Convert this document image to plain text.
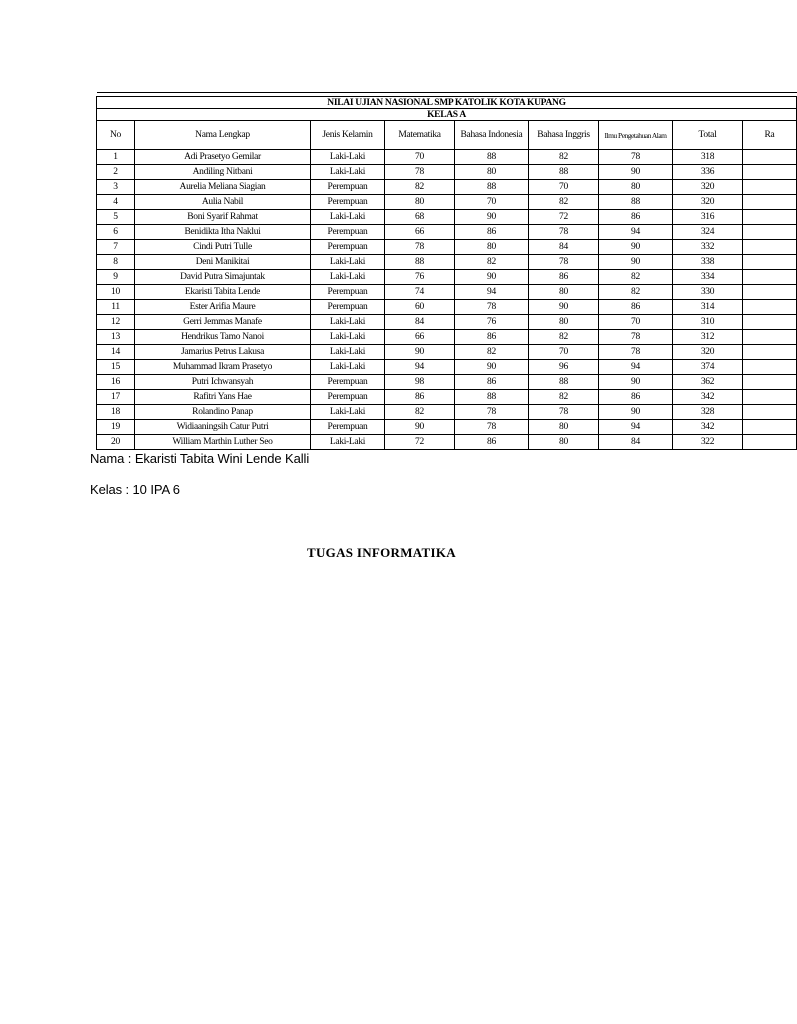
NILAI UJIAN NASIONAL SMP KATOLIK KOTA KUPANG								
KELAS A								
No	Nama Lengkap	Jenis Kelamin	Matematika	Bahasa Indonesia	Bahasa Inggris	Ilmu Pengetahuan Alam	Total	Ra
1	Adi Prasetyo Gemilar	Laki-Laki	70	88	82	78	318	
2	Andiling Nitbani	Laki-Laki	78	80	88	90	336	
3	Aurelia Meliana Siagian	Perempuan	82	88	70	80	320	
4	Aulia Nabil	Perempuan	80	70	82	88	320	
5	Boni Syarif Rahmat	Laki-Laki	68	90	72	86	316	
6	Benidikta Itha Naklui	Perempuan	66	86	78	94	324	
7	Cindi Putri Tulle	Perempuan	78	80	84	90	332	
8	Deni Manikitai	Laki-Laki	88	82	78	90	338	
9	David Putra Simajuntak	Laki-Laki	76	90	86	82	334	
10	Ekaristi Tabita Lende	Perempuan	74	94	80	82	330	
11	Ester Arifia Maure	Perempuan	60	78	90	86	314	
12	Gerri Jemmas Manafe	Laki-Laki	84	76	80	70	310	
13	Hendrikus Tamo Nanoi	Laki-Laki	66	86	82	78	312	
14	Jamarius Petrus Lakusa	Laki-Laki	90	82	70	78	320	
15	Muhammad Ikram Prasetyo	Laki-Laki	94	90	96	94	374	
16	Putri Ichwansyah	Perempuan	98	86	88	90	362	
17	Rafitri Yans Hae	Perempuan	86	88	82	86	342	
18	Rolandino Panap	Laki-Laki	82	78	78	90	328	
19	Widiaaningsih Catur Putri	Perempuan	90	78	80	94	342	
20	William Marthin Luther Seo	Laki-Laki	72	86	80	84	322	
Nama : Ekaristi Tabita Wini Lende Kalli
Kelas : 10 IPA 6
TUGAS INFORMATIKA
